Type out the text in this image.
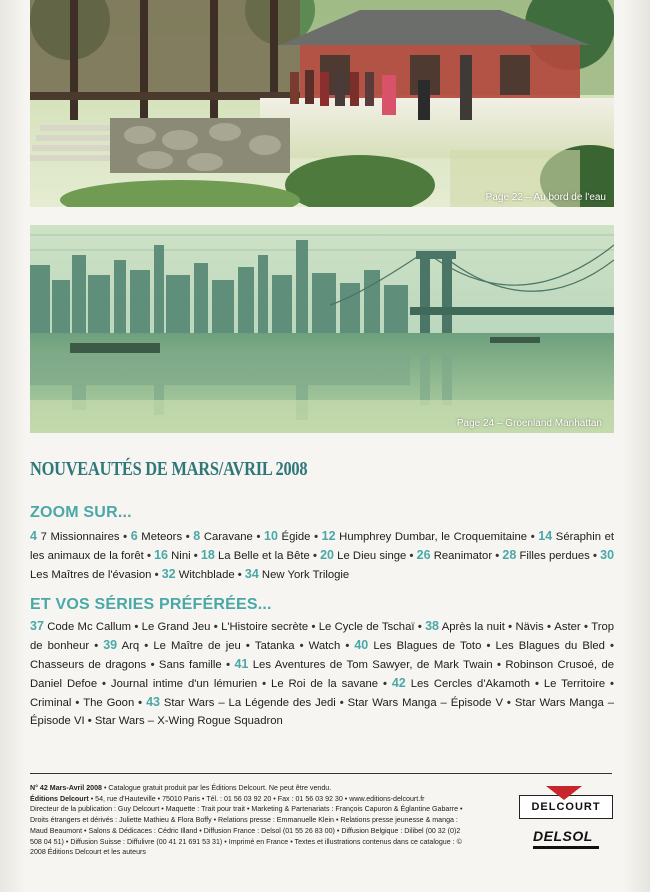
Page 22 – Au bord de l'eau
Page 24 – Groenland Manhattan
NOUVEAUTÉS DE MARS/AVRIL 2008
ZOOM SUR...
4 7 Missionnaires • 6 Meteors • 8 Caravane • 10 Égide • 12 Humphrey Dumbar, le Croquemitaine • 14 Séraphin et les animaux de la forêt • 16 Nini • 18 La Belle et la Bête • 20 Le Dieu singe • 26 Reanimator • 28 Filles perdues • 30 Les Maîtres de l'évasion • 32 Witchblade • 34 New York Trilogie
ET VOS SÉRIES PRÉFÉRÉES...
37 Code Mc Callum • Le Grand Jeu • L'Histoire secrète • Le Cycle de Tschaï • 38 Après la nuit • Nävis • Aster • Trop de bonheur • 39 Arq • Le Maître de jeu • Tatanka • Watch • 40 Les Blagues de Toto • Les Blagues du Bled • Chasseurs de dragons • Sans famille • 41 Les Aventures de Tom Sawyer, de Mark Twain • Robinson Crusoé, de Daniel Defoe • Journal intime d'un lémurien • Le Roi de la savane • 42 Les Cercles d'Akamoth • Le Territoire • Criminal • The Goon • 43 Star Wars – La Légende des Jedi • Star Wars Manga – Épisode V • Star Wars Manga – Épisode VI • Star Wars – X-Wing Rogue Squadron
N° 42 Mars-Avril 2008 • Catalogue gratuit produit par les Éditions Delcourt. Ne peut être vendu.
Éditions Delcourt • 54, rue d'Hauteville • 75010 Paris • Tél. : 01 56 03 92 20 • Fax : 01 56 03 92 30 • www.editions-delcourt.fr
Directeur de la publication : Guy Delcourt • Maquette : Trait pour trait • Marketing & Partenariats : François Capuron & Églantine Gabarre • Droits étrangers et dérivés : Juliette Mathieu & Flora Boffy • Relations presse : Emmanuelle Klein • Relations presse jeunesse & manga : Maud Beaumont • Salons & Dédicaces : Cédric Illand • Diffusion France : Delsol (01 55 26 83 00) • Diffusion Belgique : Dilibel (00 32 (0)2 508 04 51) • Diffusion Suisse : Diffulivre (00 41 21 691 53 31) • Imprimé en France • Textes et illustrations contenus dans ce catalogue : © 2008 Éditions Delcourt et les auteurs
DELCOURT
DELSOL
